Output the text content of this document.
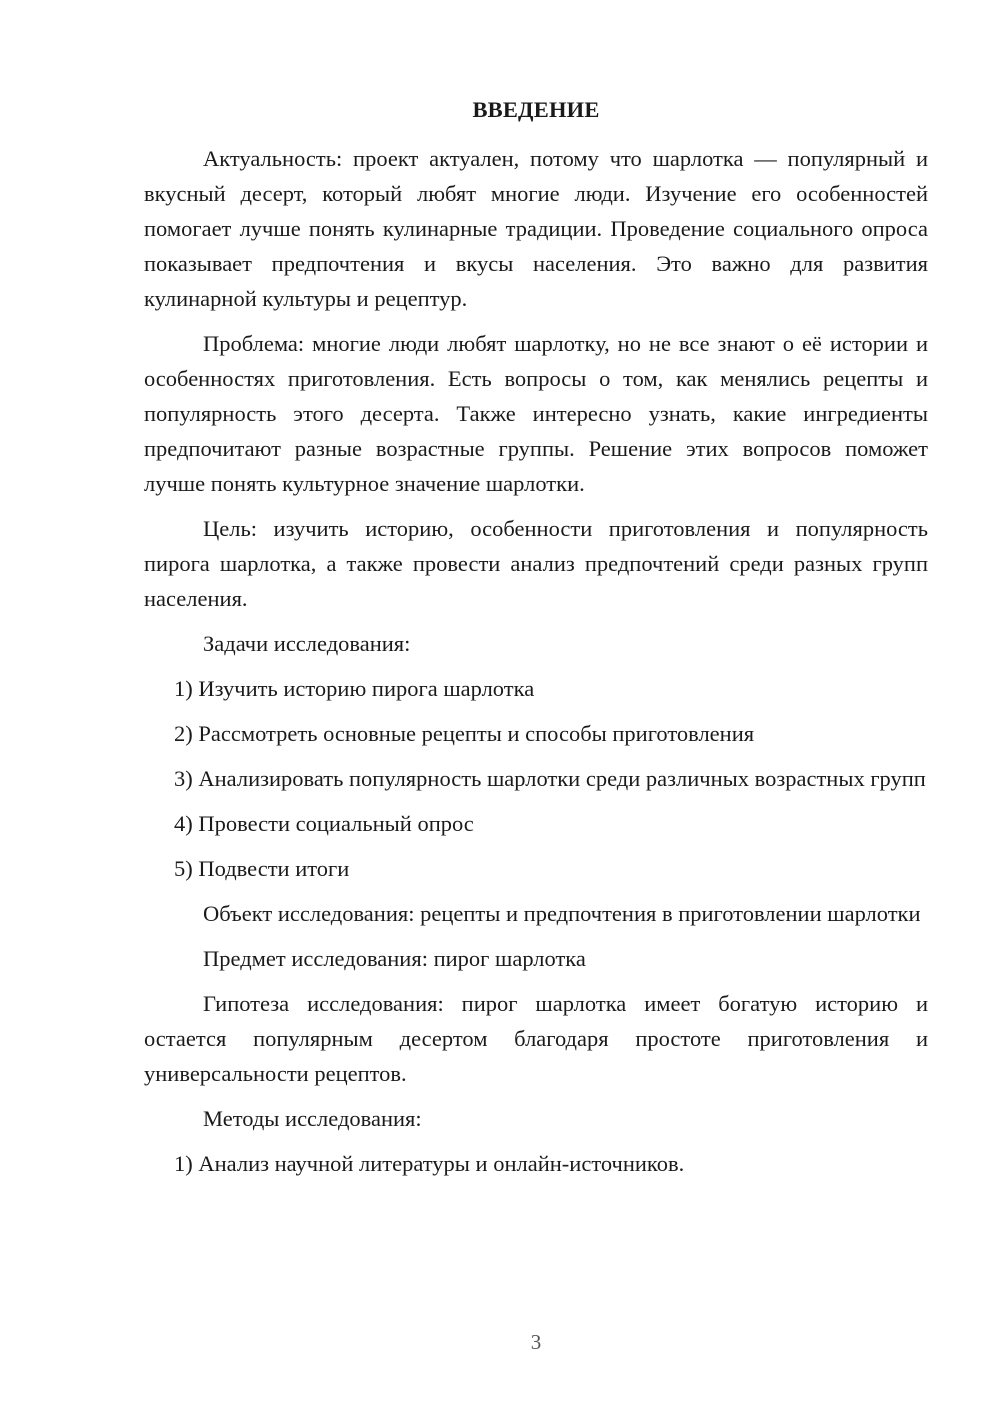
ВВЕДЕНИЕ

Актуальность: проект актуален, потому что шарлотка — популярный и вкусный десерт, который любят многие люди. Изучение его особенностей помогает лучше понять кулинарные традиции. Проведение социального опроса показывает предпочтения и вкусы населения. Это важно для развития кулинарной культуры и рецептур.

Проблема: многие люди любят шарлотку, но не все знают о её истории и особенностях приготовления. Есть вопросы о том, как менялись рецепты и популярность этого десерта. Также интересно узнать, какие ингредиенты предпочитают разные возрастные группы. Решение этих вопросов поможет лучше понять культурное значение шарлотки.

Цель: изучить историю, особенности приготовления и популярность пирога шарлотка, а также провести анализ предпочтений среди разных групп населения.

Задачи исследования:

1) Изучить историю пирога шарлотка

2) Рассмотреть основные рецепты и способы приготовления

3) Анализировать популярность шарлотки среди различных возрастных групп

4) Провести социальный опрос

5) Подвести итоги

Объект исследования: рецепты и предпочтения в приготовлении шарлотки

Предмет исследования: пирог шарлотка

Гипотеза исследования: пирог шарлотка имеет богатую историю и остается популярным десертом благодаря простоте приготовления и универсальности рецептов.

Методы исследования:

1) Анализ научной литературы и онлайн-источников.

3
